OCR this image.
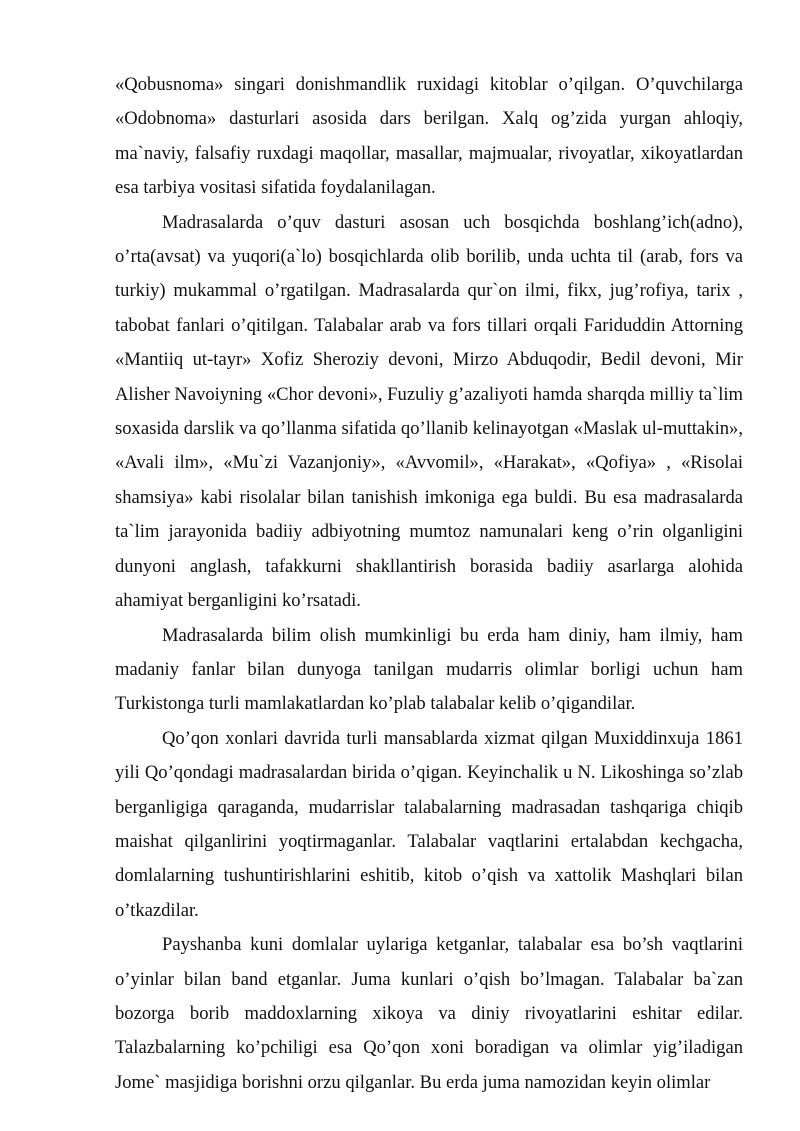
«Qobusnoma» singari donishmandlik ruxidagi kitoblar o’qilgan. O’quvchilarga «Odobnoma» dasturlari asosida dars berilgan. Xalq og’zida yurgan ahloqiy, ma`naviy, falsafiy ruxdagi maqollar, masallar, majmualar, rivoyatlar, xikoyatlardan esa tarbiya vositasi sifatida foydalanilagan.

Madrasalarda o’quv dasturi asosan uch bosqichda boshlang’ich(adno), o’rta(avsat) va yuqori(a`lo) bosqichlarda olib borilib, unda uchta til (arab, fors va turkiy) mukammal o’rgatilgan. Madrasalarda qur`on ilmi, fikx, jug’rofiya, tarix , tabobat fanlari o’qitilgan. Talabalar arab va fors tillari orqali Fariduddin Attorning «Mantiiq ut-tayr» Xofiz Sheroziy devoni, Mirzo Abduqodir, Bedil devoni, Mir Alisher Navoiyning «Chor devoni», Fuzuliy g’azaliyoti hamda sharqda milliy ta`lim soxasida darslik va qo’llanma sifatida qo’llanib kelinayotgan «Maslak ul-muttakin», «Avali ilm», «Mu`zi Vazanjoniy», «Avvomil», «Harakat», «Qofiya» , «Risolai shamsiya» kabi risolalar bilan tanishish imkoniga ega buldi. Bu esa madrasalarda ta`lim jarayonida badiiy adbiyotning mumtoz namunalari keng o’rin olganligini dunyoni anglash, tafakkurni shakllantirish borasida badiiy asarlarga alohida ahamiyat berganligini ko’rsatadi.

Madrasalarda bilim olish mumkinligi bu erda ham diniy, ham ilmiy, ham madaniy fanlar bilan dunyoga tanilgan mudarris olimlar borligi uchun ham Turkistonga turli mamlakatlardan ko’plab talabalar kelib o’qigandilar.

Qo’qon xonlari davrida turli mansablarda xizmat qilgan Muxiddinxuja 1861 yili Qo’qondagi madrasalardan birida o’qigan. Keyinchalik u N. Likoshinga so’zlab berganligiga qaraganda, mudarrislar talabalarning madrasadan tashqariga chiqib maishat qilganlirini yoqtirmaganlar. Talabalar vaqtlarini ertalabdan kechgacha, domlalarning tushuntirishlarini eshitib, kitob o’qish va xattolik Mashqlari bilan o’tkazdilar.

Payshanba kuni domlalar uylariga ketganlar, talabalar esa bo’sh vaqtlarini o’yinlar bilan band etganlar. Juma kunlari o’qish bo’lmagan. Talabalar ba`zan bozorga borib maddoxlarning xikoya va diniy rivoyatlarini eshitar edilar. Talazbalarning ko’pchiligi esa Qo’qon xoni boradigan va olimlar yig’iladigan Jome` masjidiga borishni orzu qilganlar. Bu erda juma namozidan keyin olimlar
